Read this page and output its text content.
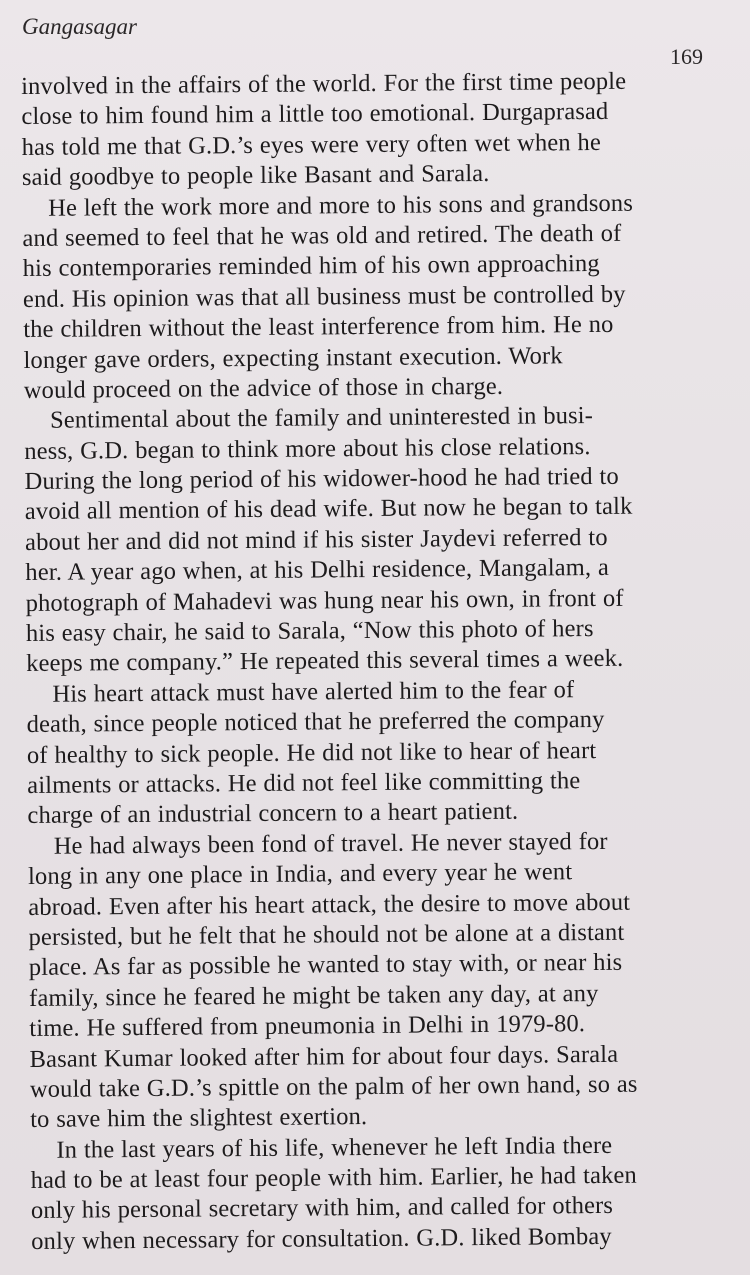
Gangasagar
169
involved in the affairs of the world. For the first time people
close to him found him a little too emotional. Durgaprasad
has told me that G.D.’s eyes were very often wet when he
said goodbye to people like Basant and Sarala.
He left the work more and more to his sons and grandsons
and seemed to feel that he was old and retired. The death of
his contemporaries reminded him of his own approaching
end. His opinion was that all business must be controlled by
the children without the least interference from him. He no
longer gave orders, expecting instant execution. Work
would proceed on the advice of those in charge.
Sentimental about the family and uninterested in busi-
ness, G.D. began to think more about his close relations.
During the long period of his widower-hood he had tried to
avoid all mention of his dead wife. But now he began to talk
about her and did not mind if his sister Jaydevi referred to
her. A year ago when, at his Delhi residence, Mangalam, a
photograph of Mahadevi was hung near his own, in front of
his easy chair, he said to Sarala, “Now this photo of hers
keeps me company.” He repeated this several times a week.
His heart attack must have alerted him to the fear of
death, since people noticed that he preferred the company
of healthy to sick people. He did not like to hear of heart
ailments or attacks. He did not feel like committing the
charge of an industrial concern to a heart patient.
He had always been fond of travel. He never stayed for
long in any one place in India, and every year he went
abroad. Even after his heart attack, the desire to move about
persisted, but he felt that he should not be alone at a distant
place. As far as possible he wanted to stay with, or near his
family, since he feared he might be taken any day, at any
time. He suffered from pneumonia in Delhi in 1979-80.
Basant Kumar looked after him for about four days. Sarala
would take G.D.’s spittle on the palm of her own hand, so as
to save him the slightest exertion.
In the last years of his life, whenever he left India there
had to be at least four people with him. Earlier, he had taken
only his personal secretary with him, and called for others
only when necessary for consultation. G.D. liked Bombay
